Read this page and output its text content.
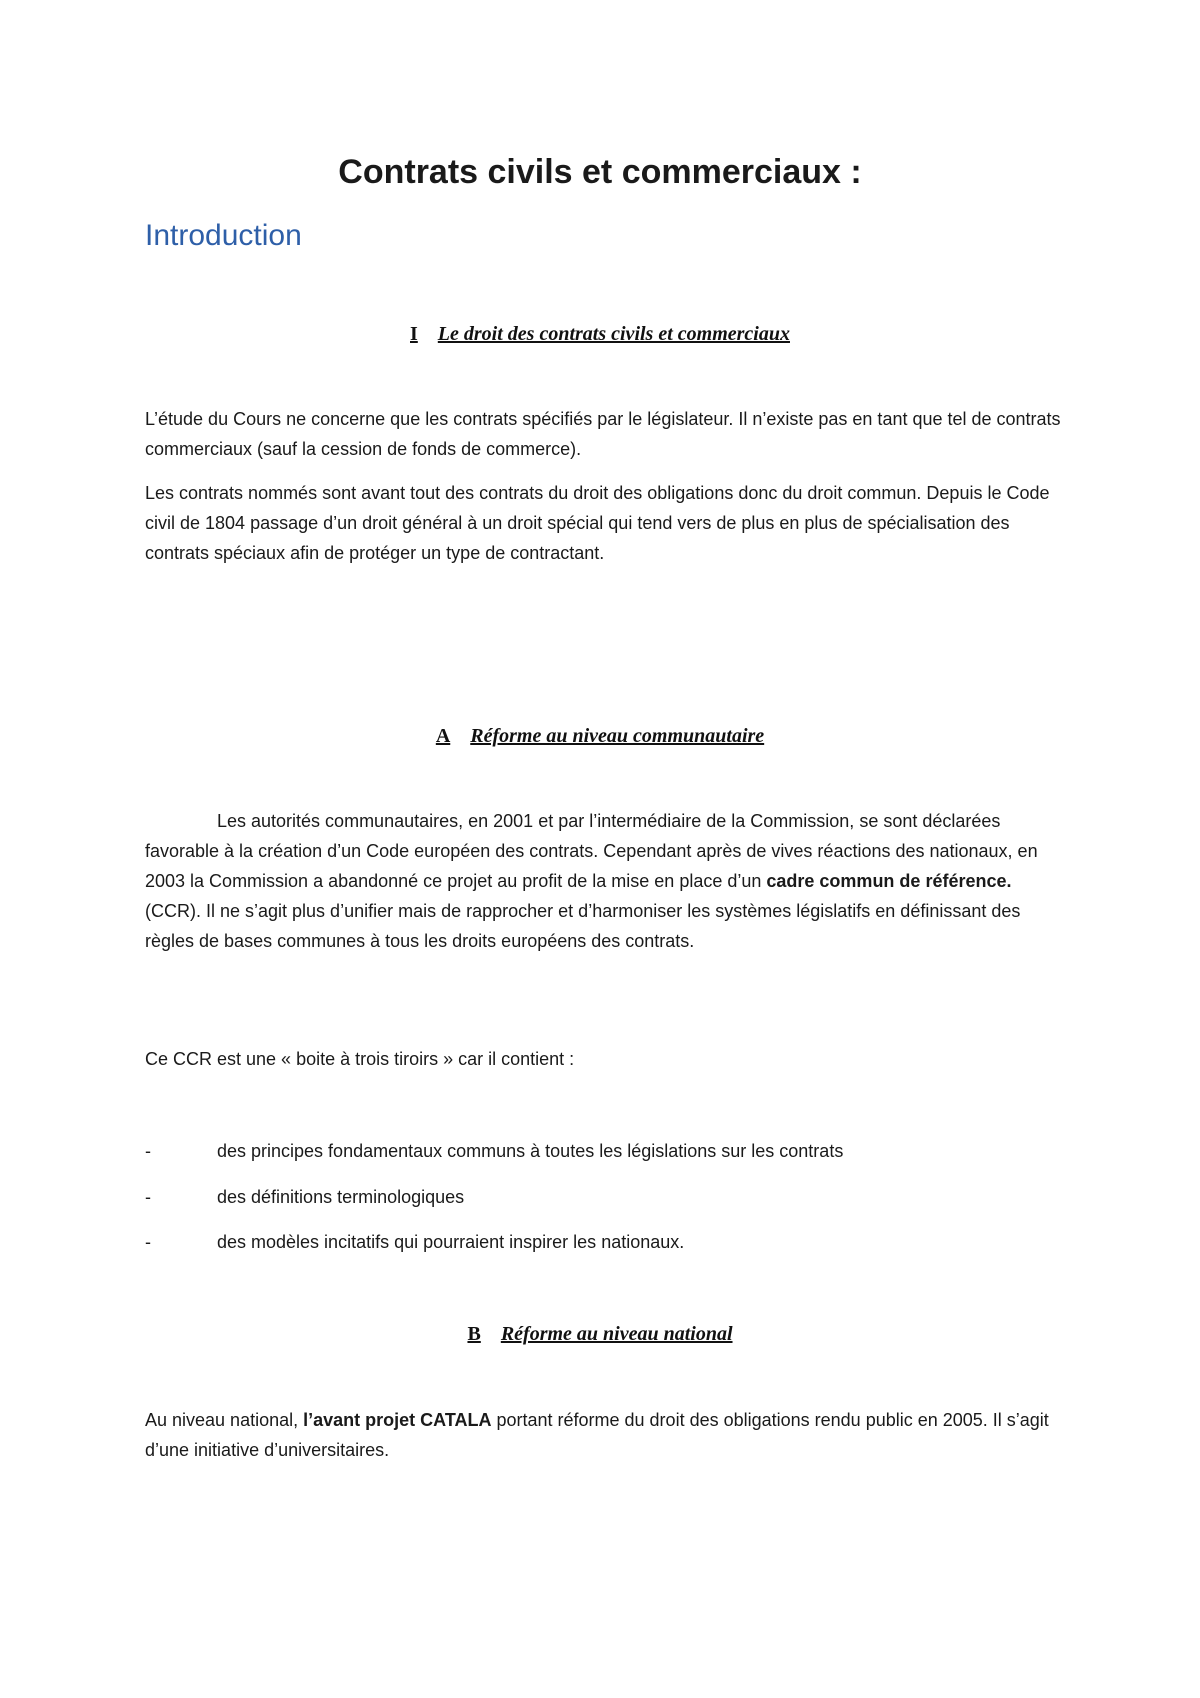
Contrats civils et commerciaux :
Introduction
I Le droit des contrats civils et commerciaux

L’étude du Cours ne concerne que les contrats spécifiés par le législateur. Il n’existe pas en tant que tel de contrats commerciaux (sauf la cession de fonds de commerce).

Les contrats nommés sont avant tout des contrats du droit des obligations donc du droit commun. Depuis le Code civil de 1804 passage d’un droit général à un droit spécial qui tend vers de plus en plus de spécialisation des contrats spéciaux afin de protéger un type de contractant.

A Réforme au niveau communautaire

Les autorités communautaires, en 2001 et par l’intermédiaire de la Commission, se sont déclarées favorable à la création d’un Code européen des contrats. Cependant après de vives réactions des nationaux, en 2003 la Commission a abandonné ce projet au profit de la mise en place d’un cadre commun de référence. (CCR). Il ne s’agit plus d’unifier mais de rapprocher et d’harmoniser les systèmes législatifs en définissant des règles de bases communes à tous les droits européens des contrats.

Ce CCR est une « boite à trois tiroirs » car il contient :

-	des principes fondamentaux communs à toutes les législations sur les contrats
-	des définitions terminologiques
-	des modèles incitatifs qui pourraient inspirer les nationaux.
B Réforme au niveau national

Au niveau national, l’avant projet CATALA portant réforme du droit des obligations rendu public en 2005. Il s’agit d’une initiative d’universitaires.
